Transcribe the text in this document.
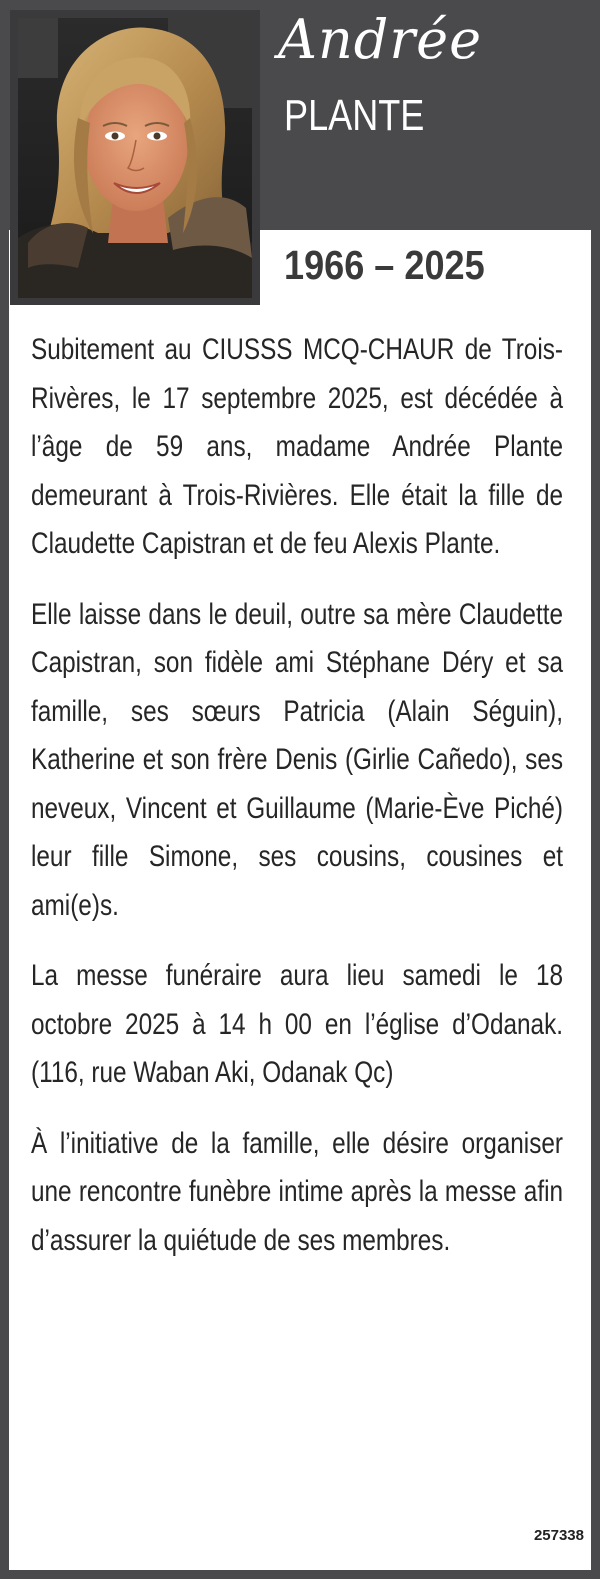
Andrée
PLANTE
1966 – 2025

Subitement au CIUSSS MCQ-CHAUR de Trois-Rivères, le 17 septembre 2025, est décédée à l’âge de 59 ans, madame Andrée Plante demeurant à Trois-Rivières. Elle était la fille de Claudette Capistran et de feu Alexis Plante.

Elle laisse dans le deuil, outre sa mère Claudette Capistran, son fidèle ami Stéphane Déry et sa famille, ses sœurs Patricia (Alain Séguin), Katherine et son frère Denis (Girlie Cañedo), ses neveux, Vincent et Guillaume (Marie-Ève Piché) leur fille Simone, ses cousins, cousines et ami(e)s.

La messe funéraire aura lieu samedi le 18 octobre 2025 à 14 h 00 en l’église d’Odanak. (116, rue Waban Aki, Odanak Qc)

À l’initiative de la famille, elle désire organiser une rencontre funèbre intime après la messe afin d’assurer la quiétude de ses membres.

257338
